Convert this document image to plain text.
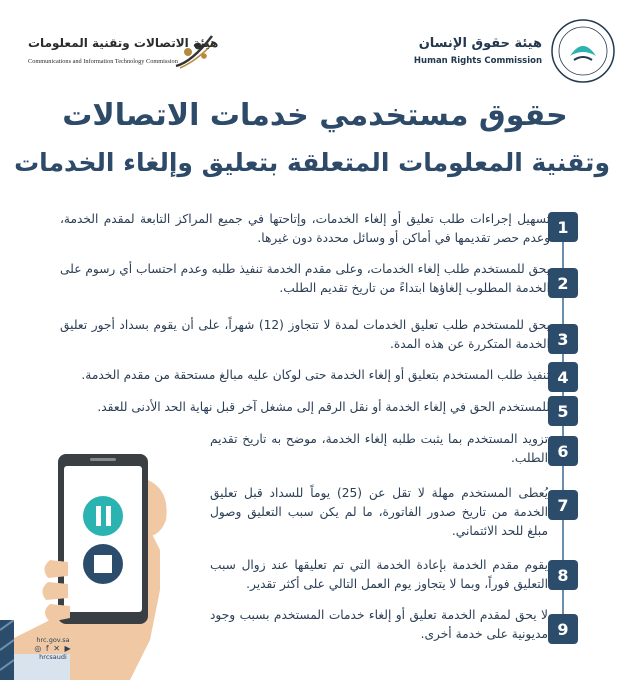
هيئة الاتصالات وتقنية المعلومات
Communications and Information Technology Commission
هيئة حقوق الإنسان
Human Rights Commission
حقوق مستخدمي خدمات الاتصالات
وتقنية المعلومات المتعلقة بتعليق وإلغاء الخدمات
1
تسهيل إجراءات طلب تعليق أو إلغاء الخدمات، وإتاحتها في جميع المراكز التابعة لمقدم الخدمة، وعدم حصر تقديمها في أماكن أو وسائل محددة دون غيرها.
2
يحق للمستخدم طلب إلغاء الخدمات، وعلى مقدم الخدمة تنفيذ طلبه وعدم احتساب أي رسوم على الخدمة المطلوب إلغاؤها ابتداءً من تاريخ تقديم الطلب.
3
يحق للمستخدم طلب تعليق الخدمات لمدة لا تتجاوز (12) شهراً، على أن يقوم بسداد أجور تعليق الخدمة المتكررة عن هذه المدة.
4
تنفيذ طلب المستخدم بتعليق أو إلغاء الخدمة حتى لوكان عليه مبالغ مستحقة من مقدم الخدمة.
5
للمستخدم الحق في إلغاء الخدمة أو نقل الرقم إلى مشغل آخر قبل نهاية الحد الأدنى للعقد.
6
تزويد المستخدم بما يثبت طلبه إلغاء الخدمة، موضح به تاريخ تقديم الطلب.
7
يُعطى المستخدم مهلة لا تقل عن (25) يوماً للسداد قبل تعليق الخدمة من تاريخ صدور الفاتورة، ما لم يكن سبب التعليق وصول مبلغ للحد الائتماني.
8
يقوم مقدم الخدمة بإعادة الخدمة التي تم تعليقها عند زوال سبب التعليق فوراً، وبما لا يتجاوز يوم العمل التالي على أكثر تقدير.
9
لا يحق لمقدم الخدمة تعليق أو إلغاء خدمات المستخدم بسبب وجود مديونية على خدمة أخرى.
hrc.gov.sa
◎ f ✕ ▶
hrcsaudi
